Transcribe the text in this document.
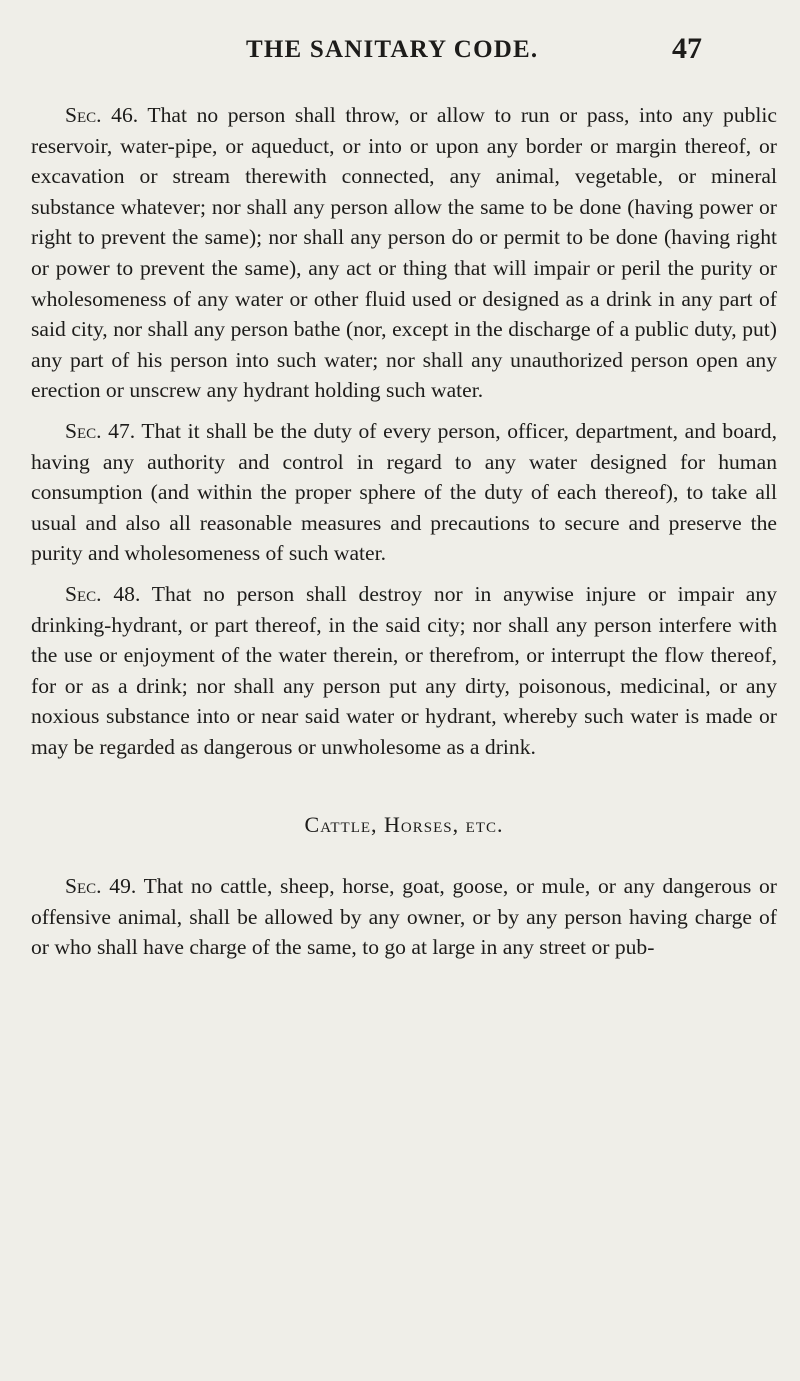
THE SANITARY CODE.	47

Sec. 46. That no person shall throw, or allow to run or pass, into any public reservoir, water-pipe, or aqueduct, or into or upon any border or margin thereof, or excavation or stream therewith connected, any animal, vegetable, or mineral substance whatever; nor shall any person allow the same to be done (having power or right to prevent the same); nor shall any person do or permit to be done (having right or power to prevent the same), any act or thing that will impair or peril the purity or wholesomeness of any water or other fluid used or designed as a drink in any part of said city, nor shall any person bathe (nor, except in the discharge of a public duty, put) any part of his person into such water; nor shall any unauthorized person open any erection or unscrew any hydrant holding such water.

Sec. 47. That it shall be the duty of every person, officer, department, and board, having any authority and control in regard to any water designed for human consumption (and within the proper sphere of the duty of each thereof), to take all usual and also all reasonable measures and precautions to secure and preserve the purity and wholesomeness of such water.

Sec. 48. That no person shall destroy nor in anywise injure or impair any drinking-hydrant, or part thereof, in the said city; nor shall any person interfere with the use or enjoyment of the water therein, or therefrom, or interrupt the flow thereof, for or as a drink; nor shall any person put any dirty, poisonous, medicinal, or any noxious substance into or near said water or hydrant, whereby such water is made or may be regarded as dangerous or unwholesome as a drink.

Cattle, Horses, etc.

Sec. 49. That no cattle, sheep, horse, goat, goose, or mule, or any dangerous or offensive animal, shall be allowed by any owner, or by any person having charge of or who shall have charge of the same, to go at large in any street or pub-
